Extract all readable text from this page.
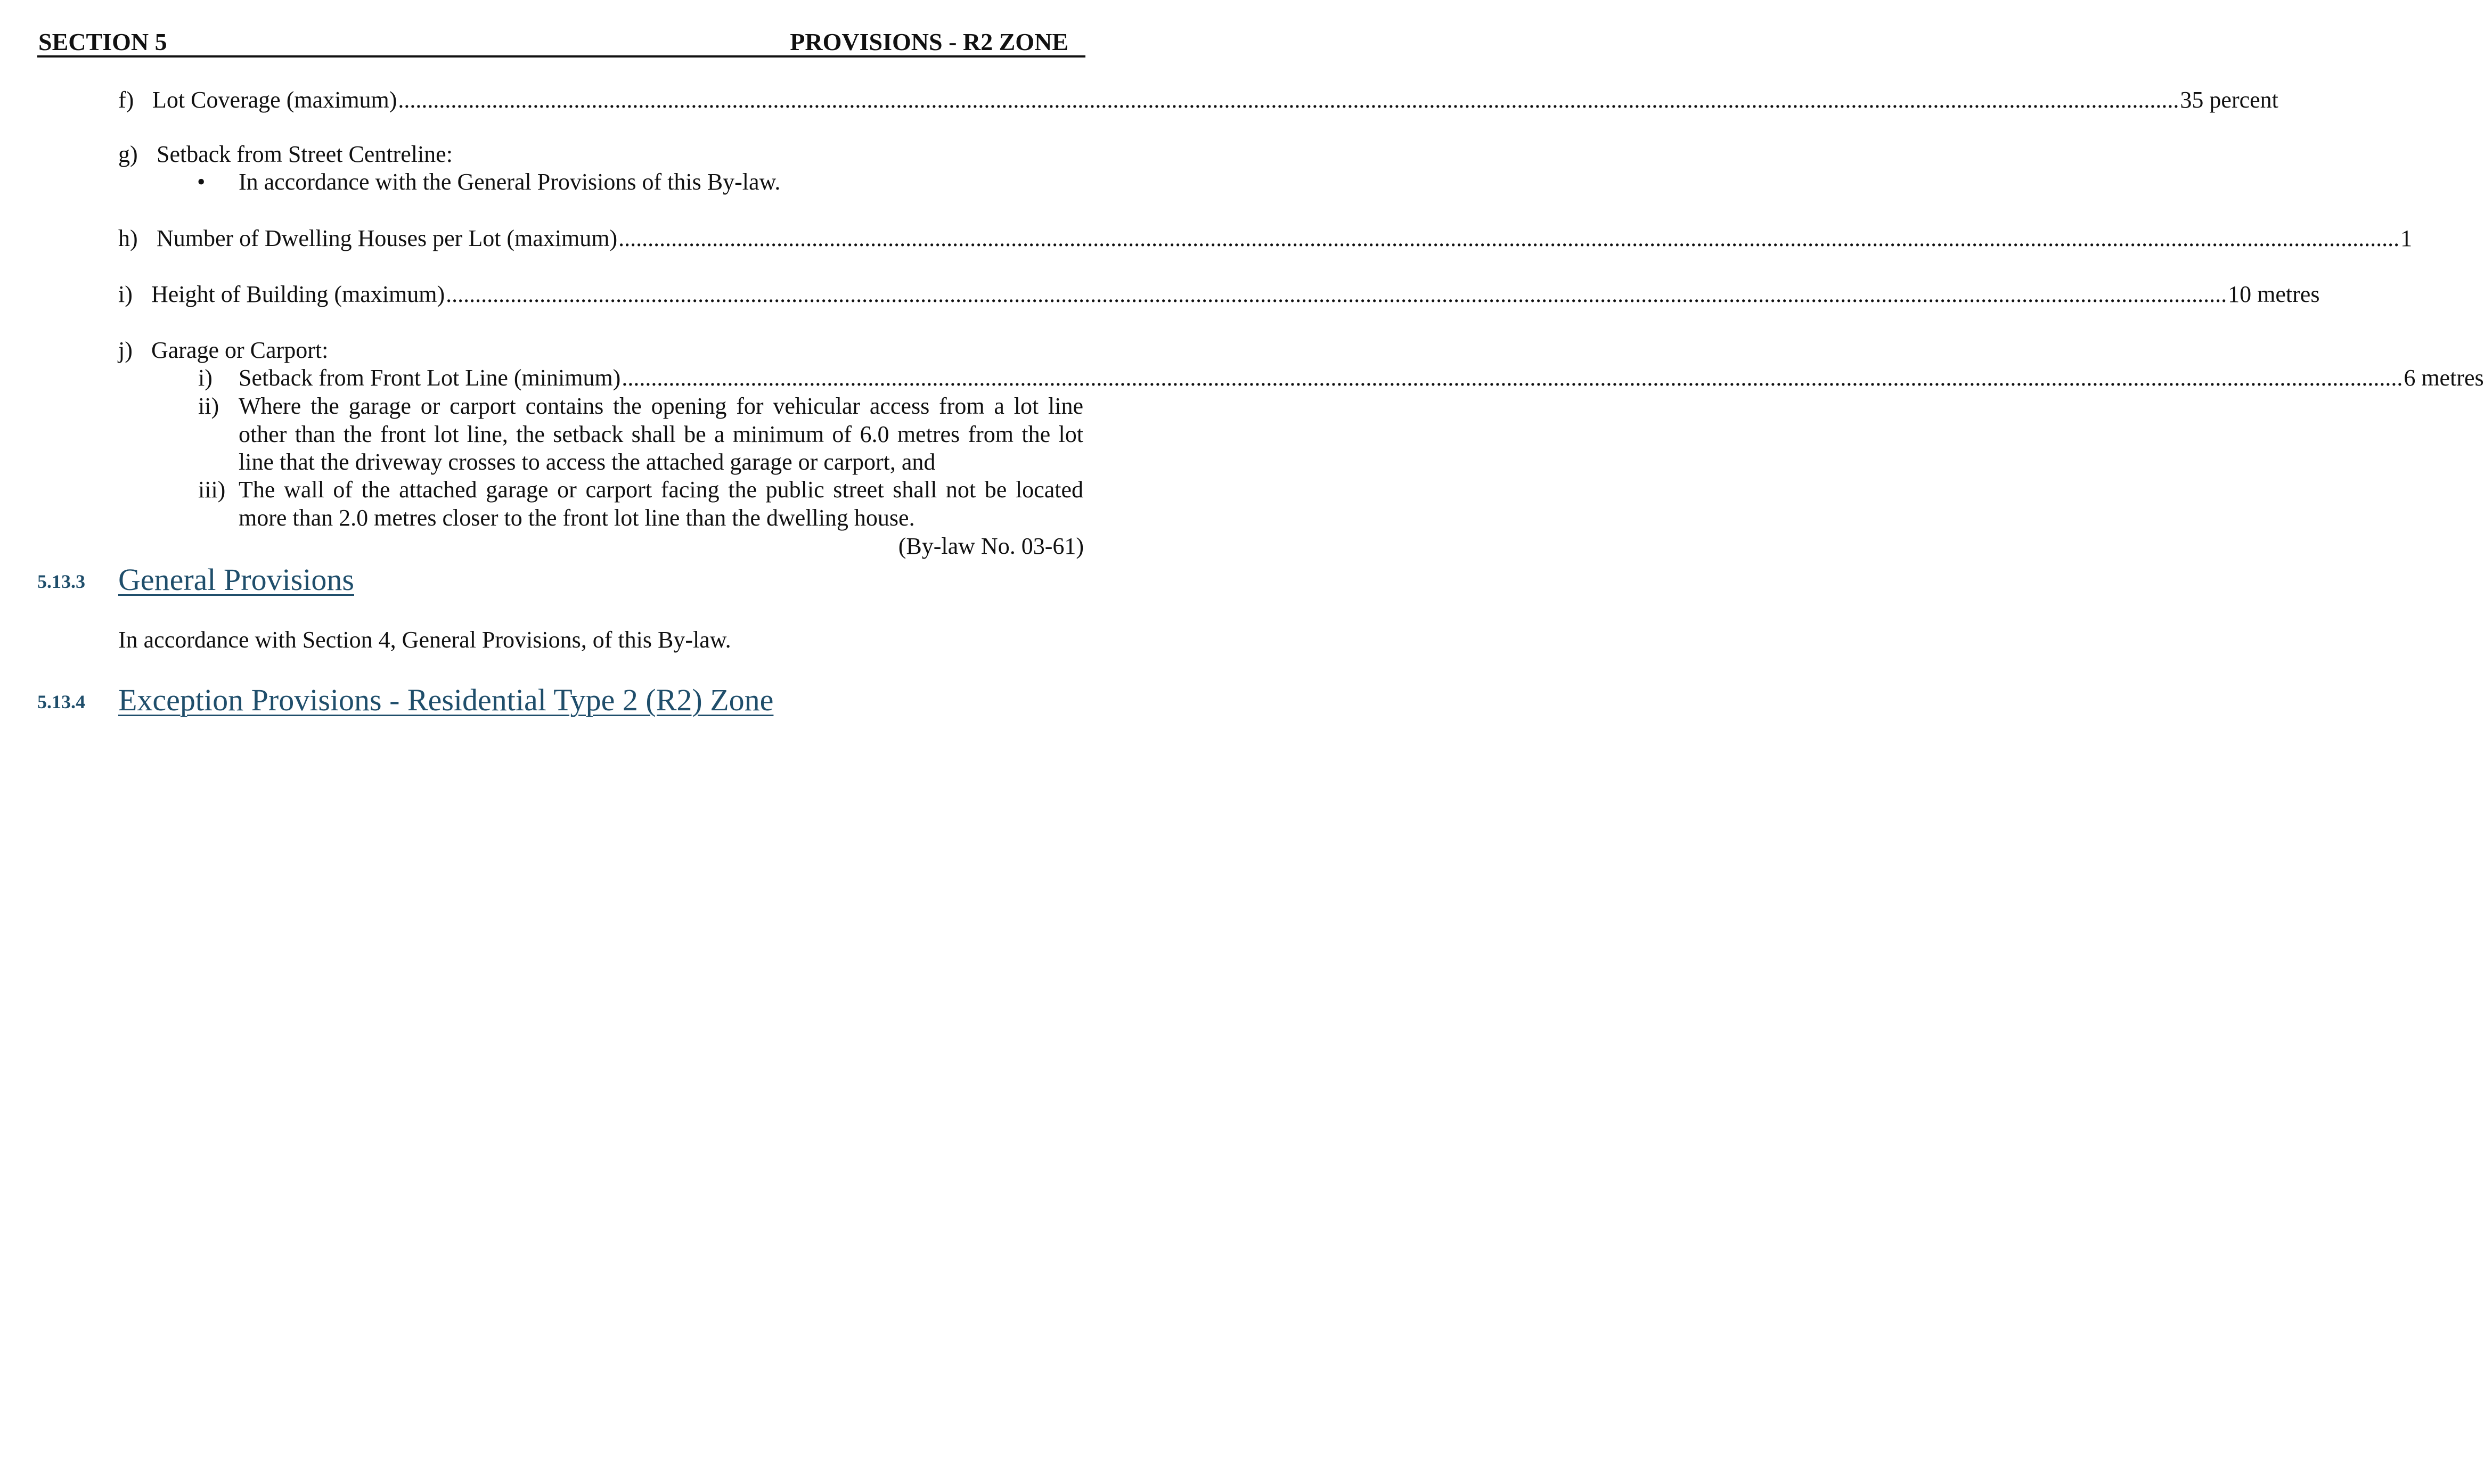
SECTION 5	PROVISIONS - R2 ZONE
f) Lot Coverage (maximum) ................................................................................................................................................................................................................................................................................................................ 35 percent
g) Setback from Street Centreline:
• In accordance with the General Provisions of this By-law.
h) Number of Dwelling Houses per Lot (maximum) ................................................................................................................................................................................................................................................................................................................ 1
i) Height of Building (maximum) ................................................................................................................................................................................................................................................................................................................ 10 metres
j) Garage or Carport:
i) Setback from Front Lot Line (minimum) ................................................................................................................................................................................................................................................................................................................ 6 metres
ii) Where the garage or carport contains the opening for vehicular access from a lot line other than the front lot line, the setback shall be a minimum of 6.0 metres from the lot line that the driveway crosses to access the attached garage or carport, and
iii) The wall of the attached garage or carport facing the public street shall not be located more than 2.0 metres closer to the front lot line than the dwelling house.
(By-law No. 03-61)
5.13.3 General Provisions
In accordance with Section 4, General Provisions, of this By-law.
5.13.4 Exception Provisions - Residential Type 2 (R2) Zone
